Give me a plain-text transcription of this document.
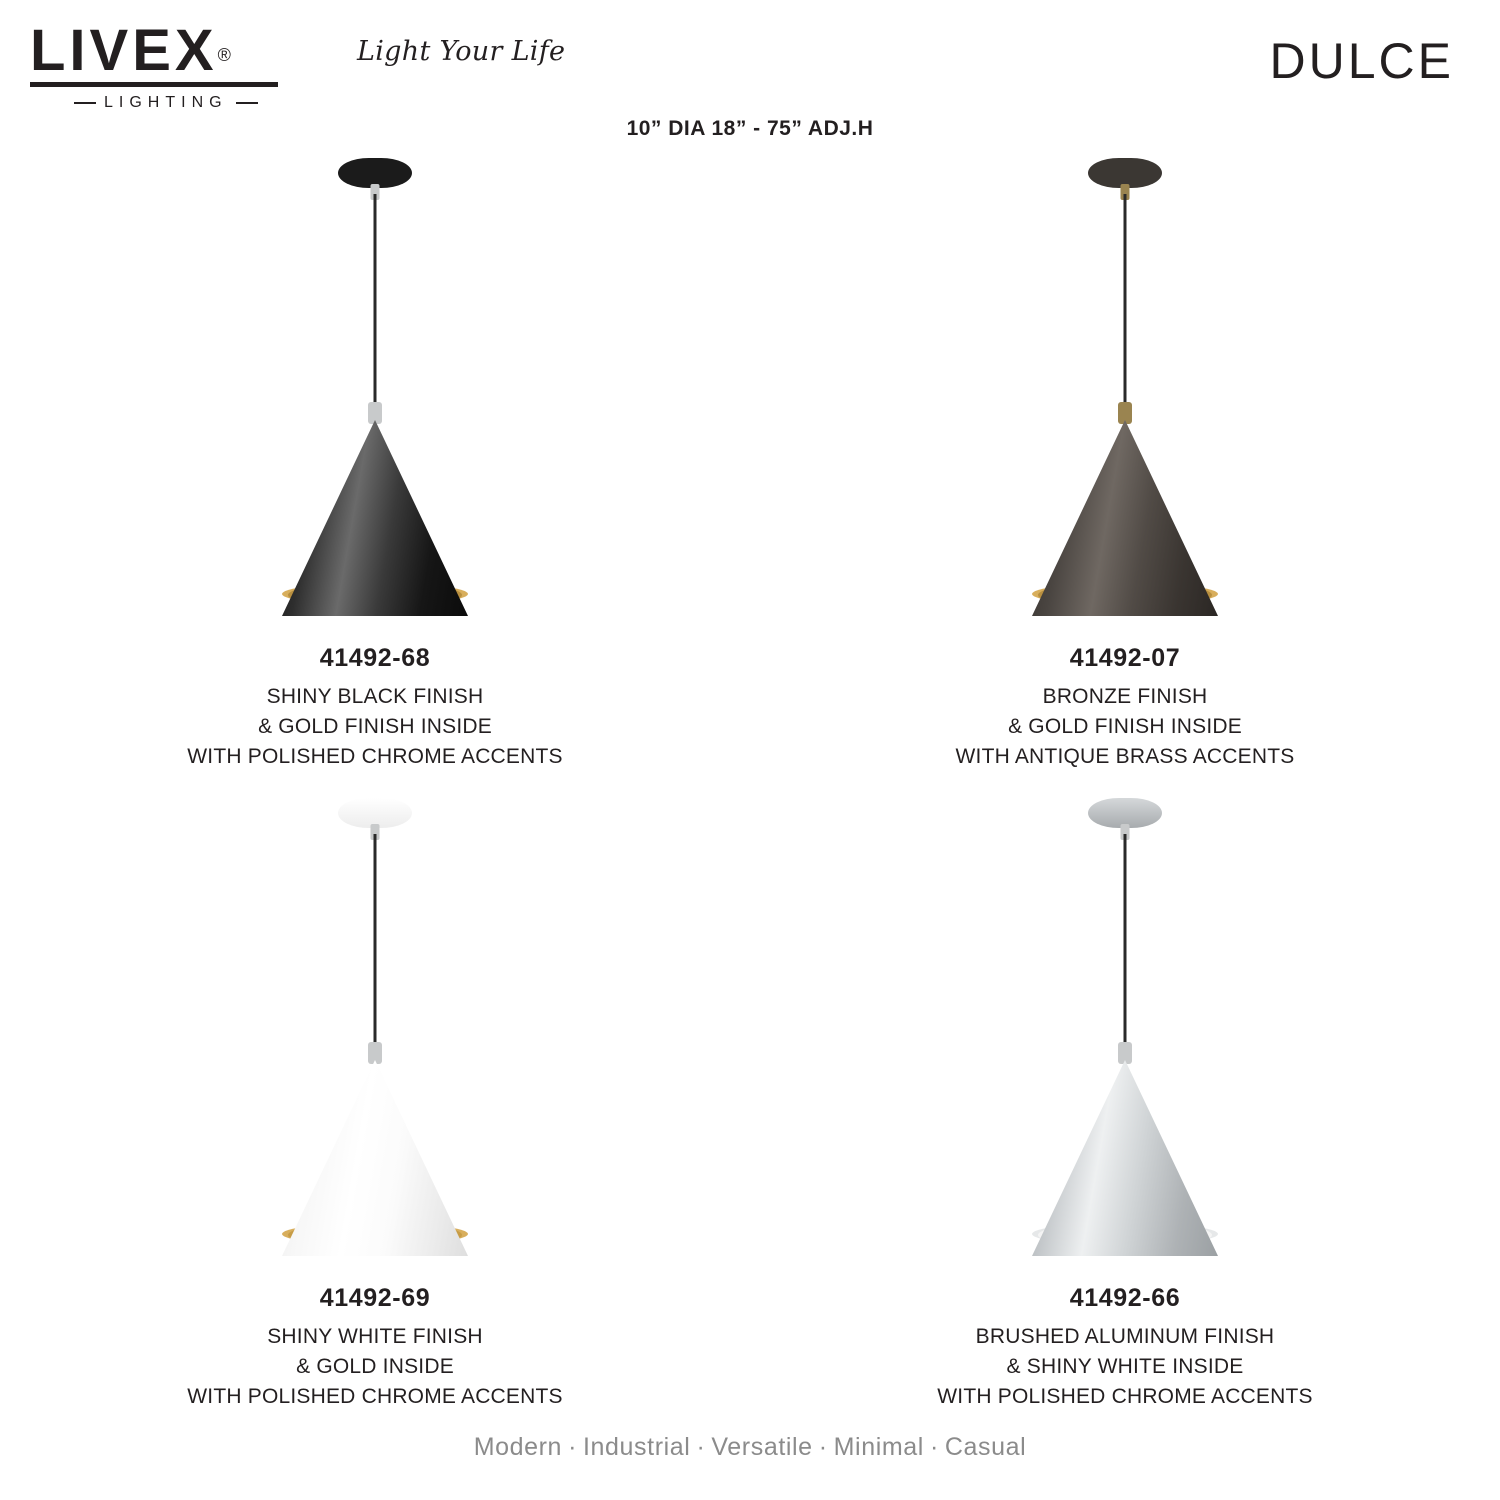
LIVEX®
LIGHTING
Light Your Life	DULCE
10” DIA 18” - 75” ADJ.H
41492-68
SHINY BLACK FINISH
& GOLD FINISH INSIDE
WITH POLISHED CHROME ACCENTS
41492-07
BRONZE FINISH
& GOLD FINISH INSIDE
WITH ANTIQUE BRASS ACCENTS
41492-69
SHINY WHITE FINISH
& GOLD INSIDE
WITH POLISHED CHROME ACCENTS
41492-66
BRUSHED ALUMINUM FINISH
& SHINY WHITE INSIDE
WITH POLISHED CHROME ACCENTS
Modern · Industrial · Versatile · Minimal · Casual
